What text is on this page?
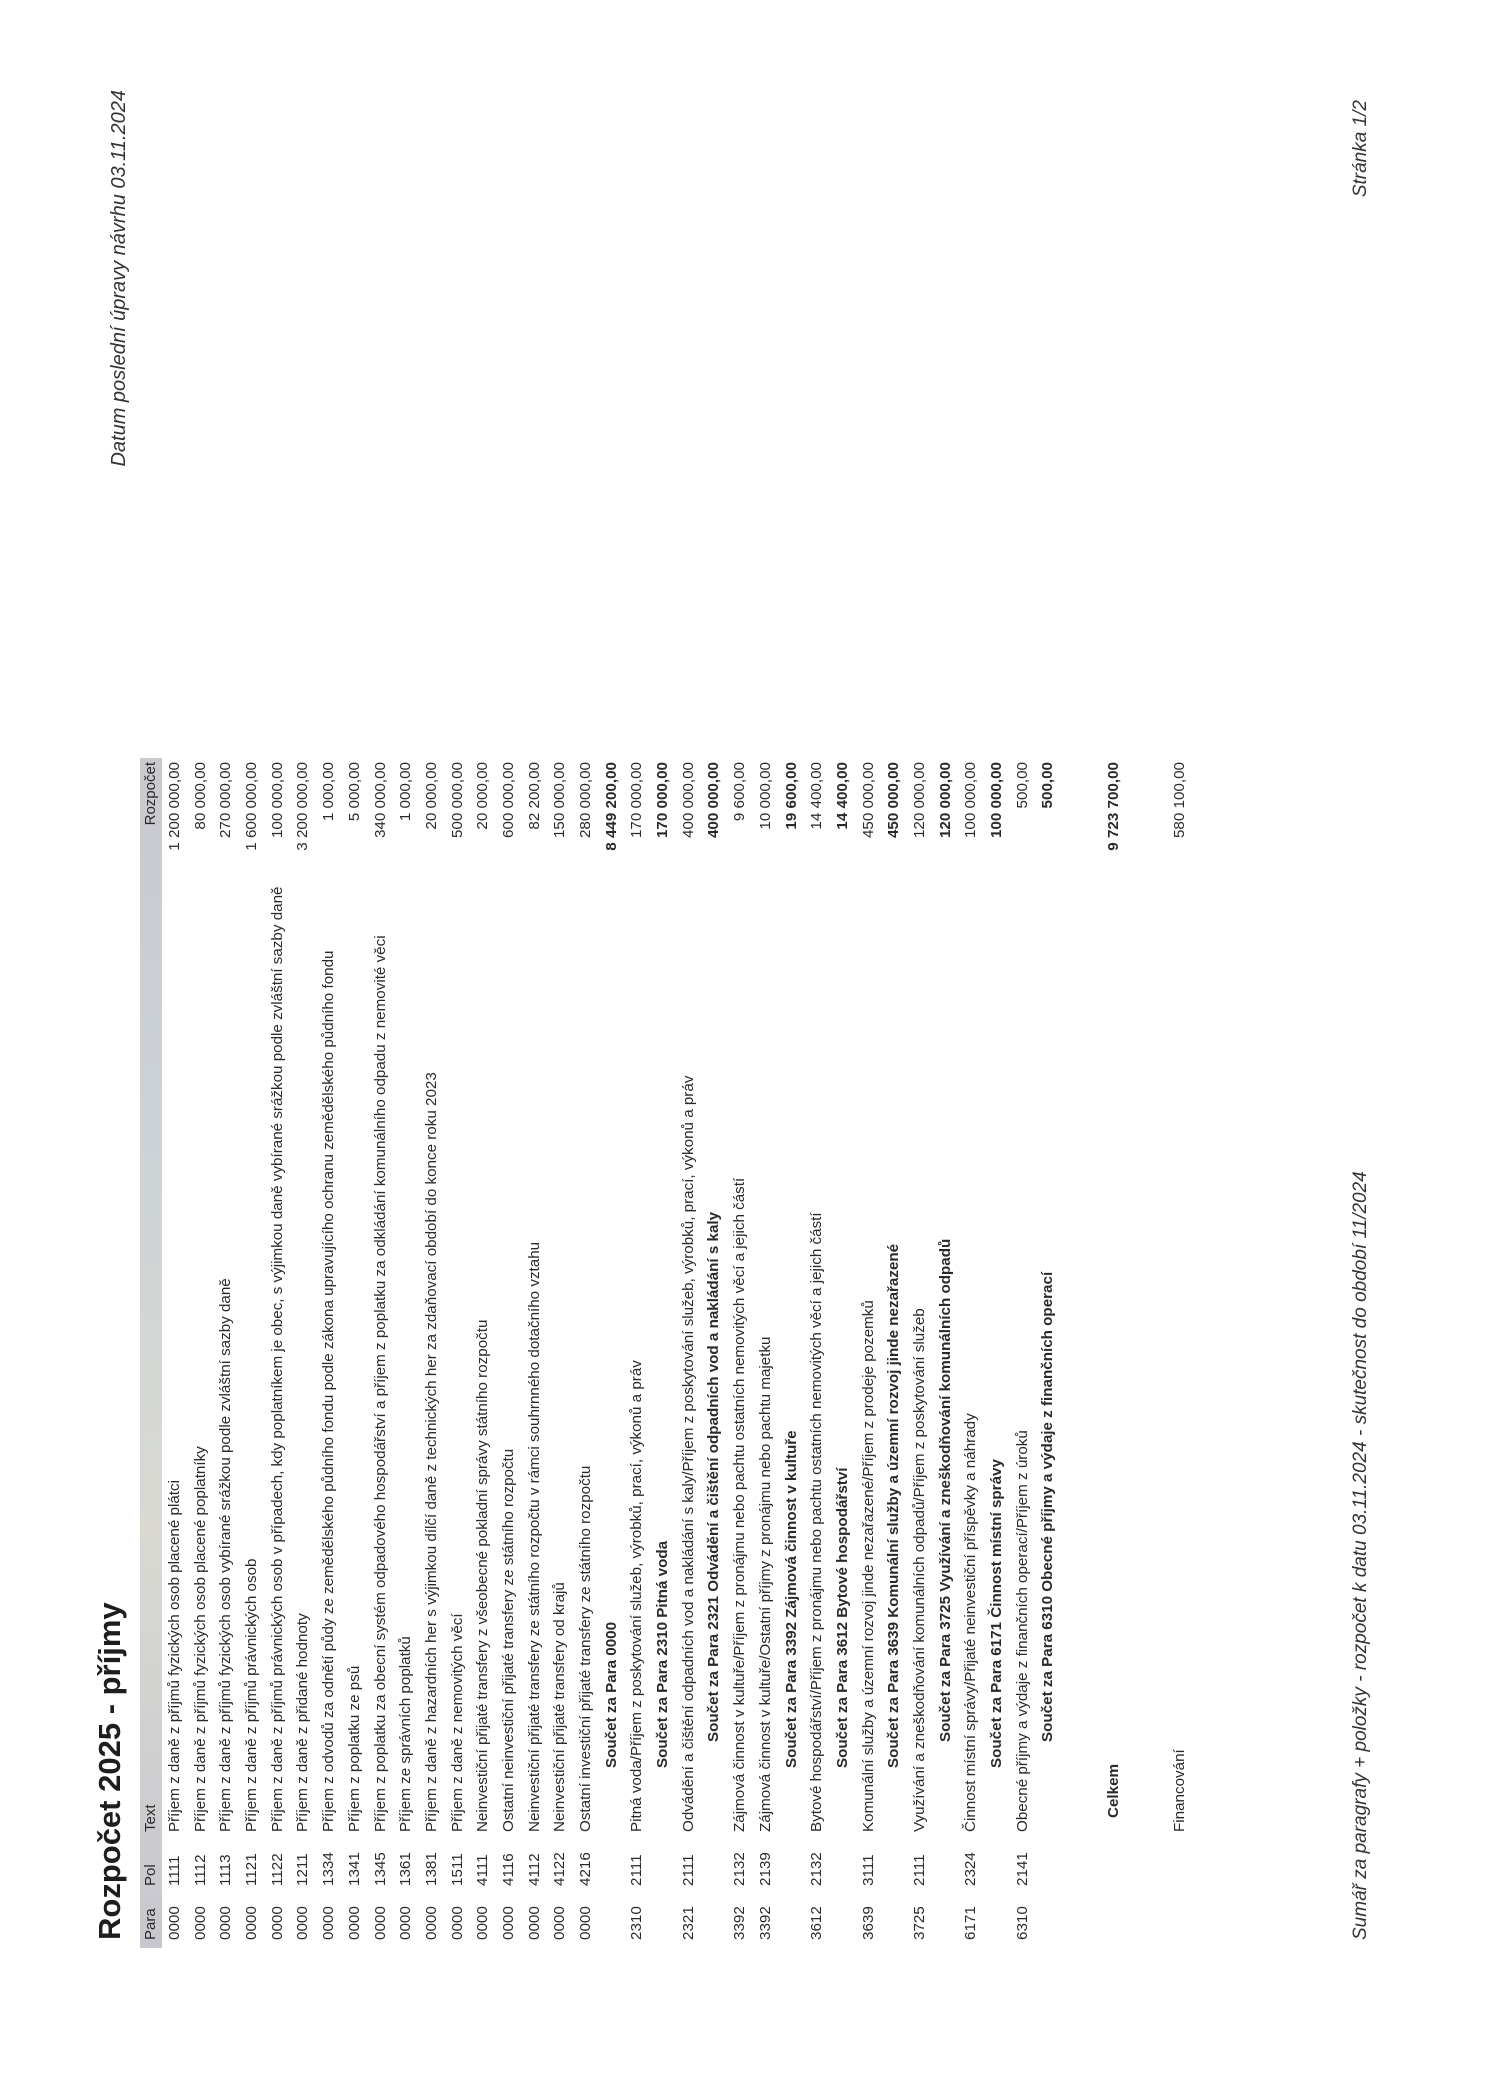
Rozpočet 2025 - příjmy
Datum poslední úpravy návrhu 03.11.2024
Para
Pol
Text
Rozpočet
0000
1111
Příjem z daně z příjmů fyzických osob placené plátci
1 200 000,00
0000
1112
Příjem z daně z příjmů fyzických osob placené poplatníky
80 000,00
0000
1113
Příjem z daně z příjmů fyzických osob vybírané srážkou podle zvláštní sazby daně
270 000,00
0000
1121
Příjem z daně z příjmů právnických osob
1 600 000,00
0000
1122
Příjem z daně z příjmů právnických osob v případech, kdy poplatníkem je obec, s výjimkou daně vybírané srážkou podle zvláštní sazby daně
100 000,00
0000
1211
Příjem z daně z přidané hodnoty
3 200 000,00
0000
1334
Příjem z odvodů za odnětí půdy ze zemědělského půdního fondu podle zákona upravujícího ochranu zemědělského půdního fondu
1 000,00
0000
1341
Příjem z poplatku ze psů
5 000,00
0000
1345
Příjem z poplatku za obecní systém odpadového hospodářství a příjem z poplatku za odkládání komunálního odpadu z nemovité věci
340 000,00
0000
1361
Příjem ze správních poplatků
1 000,00
0000
1381
Příjem z daně z hazardních her s výjimkou dílčí daně z technických her za zdaňovací období do konce roku 2023
20 000,00
0000
1511
Příjem z daně z nemovitých věcí
500 000,00
0000
4111
Neinvestiční přijaté transfery z všeobecné pokladní správy státního rozpočtu
20 000,00
0000
4116
Ostatní neinvestiční přijaté transfery ze státního rozpočtu
600 000,00
0000
4112
Neinvestiční přijaté transfery ze státního rozpočtu v rámci souhrnného dotačního vztahu
82 200,00
0000
4122
Neinvestiční přijaté transfery od krajů
150 000,00
0000
4216
Ostatní investiční přijaté transfery ze státního rozpočtu
280 000,00
Součet za Para 0000
8 449 200,00
2310
2111
Pitná voda/Příjem z poskytování služeb, výrobků, prací, výkonů a práv
170 000,00
Součet za Para 2310 Pitná voda
170 000,00
2321
2111
Odvádění a čištění odpadních vod a nakládání s kaly/Příjem z poskytování služeb, výrobků, prací, výkonů a práv
400 000,00
Součet za Para 2321 Odvádění a čištění odpadních vod a nakládání s kaly
400 000,00
3392
2132
Zájmová činnost v kultuře/Příjem z pronájmu nebo pachtu ostatních nemovitých věcí a jejich částí
9 600,00
3392
2139
Zájmová činnost v kultuře/Ostatní příjmy z pronájmu nebo pachtu majetku
10 000,00
Součet za Para 3392 Zájmová činnost v kultuře
19 600,00
3612
2132
Bytové hospodářství/Příjem z pronájmu nebo pachtu ostatních nemovitých věcí a jejich částí
14 400,00
Součet za Para 3612 Bytové hospodářství
14 400,00
3639
3111
Komunální služby a územní rozvoj jinde nezařazené/Příjem z prodeje pozemků
450 000,00
Součet za Para 3639 Komunální služby a územní rozvoj jinde nezařazené
450 000,00
3725
2111
Využívání a zneškodňování komunálních odpadů/Příjem z poskytování služeb
120 000,00
Součet za Para 3725 Využívání a zneškodňování komunálních odpadů
120 000,00
6171
2324
Činnost místní správy/Přijaté neinvestiční příspěvky a náhrady
100 000,00
Součet za Para 6171 Činnost místní správy
100 000,00
6310
2141
Obecné příjmy a výdaje z finančních operací/Příjem z úroků
500,00
Součet za Para 6310 Obecné příjmy a výdaje z finančních operací
500,00
Celkem
9 723 700,00
Financování
580 100,00
Sumář za paragrafy + položky - rozpočet k datu 03.11.2024 - skutečnost do období 11/2024
Stránka 1/2
